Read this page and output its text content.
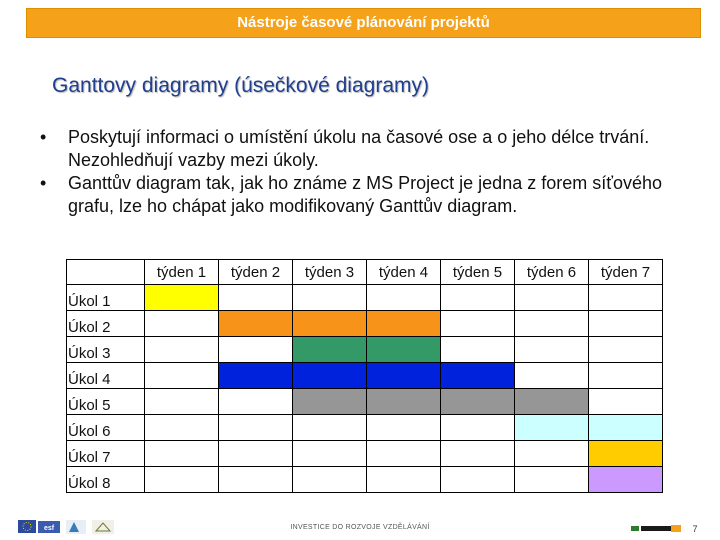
Nástroje časové plánování projektů
Ganttovy diagramy (úsečkové diagramy)
• Poskytují informaci o umístění úkolu na časové ose a o jeho délce trvání. Nezohledňují vazby mezi úkoly.
• Ganttův diagram tak, jak ho známe z MS Project je jedna z forem síťového grafu, lze ho chápat jako modifikovaný Ganttův diagram.
	týden 1	týden 2	týden 3	týden 4	týden 5	týden 6	týden 7
Úkol 1							
Úkol 2							
Úkol 3							
Úkol 4							
Úkol 5							
Úkol 6							
Úkol 7							
Úkol 8							
esf	INVESTICE DO ROZVOJE VZDĚLÁVÁNÍ	7
